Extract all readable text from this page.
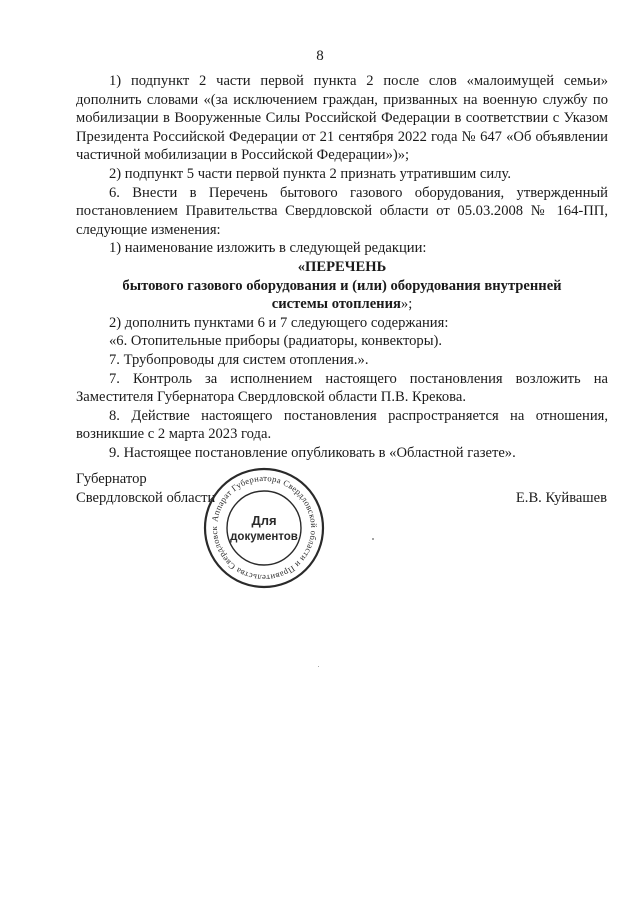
8

1) подпункт 2 части первой пункта 2 после слов «малоимущей семьи» дополнить словами «(за исключением граждан, призванных на военную службу по мобилизации в Вооруженные Силы Российской Федерации в соответствии с Указом Президента Российской Федерации от 21 сентября 2022 года № 647 «Об объявлении частичной мобилизации в Российской Федерации»)»;

2) подпункт 5 части первой пункта 2 признать утратившим силу.

6. Внести в Перечень бытового газового оборудования, утвержденный постановлением Правительства Свердловской области от 05.03.2008 № 164-ПП, следующие изменения:

1) наименование изложить в следующей редакции:

«ПЕРЕЧЕНЬ

бытового газового оборудования и (или) оборудования внутренней

системы отопления»;

2) дополнить пунктами 6 и 7 следующего содержания:

«6. Отопительные приборы (радиаторы, конвекторы).

7. Трубопроводы для систем отопления.».

7. Контроль за исполнением настоящего постановления возложить на Заместителя Губернатора Свердловской области П.В. Крекова.

8. Действие настоящего постановления распространяется на отношения, возникшие с 2 марта 2023 года.

9. Настоящее постановление опубликовать в «Областной газете».

Губернатор
Свердловской области
Аппарат Губернатора Свердловской области и Правительства Свердловск
Для
документов
Е.В. Куйвашев
